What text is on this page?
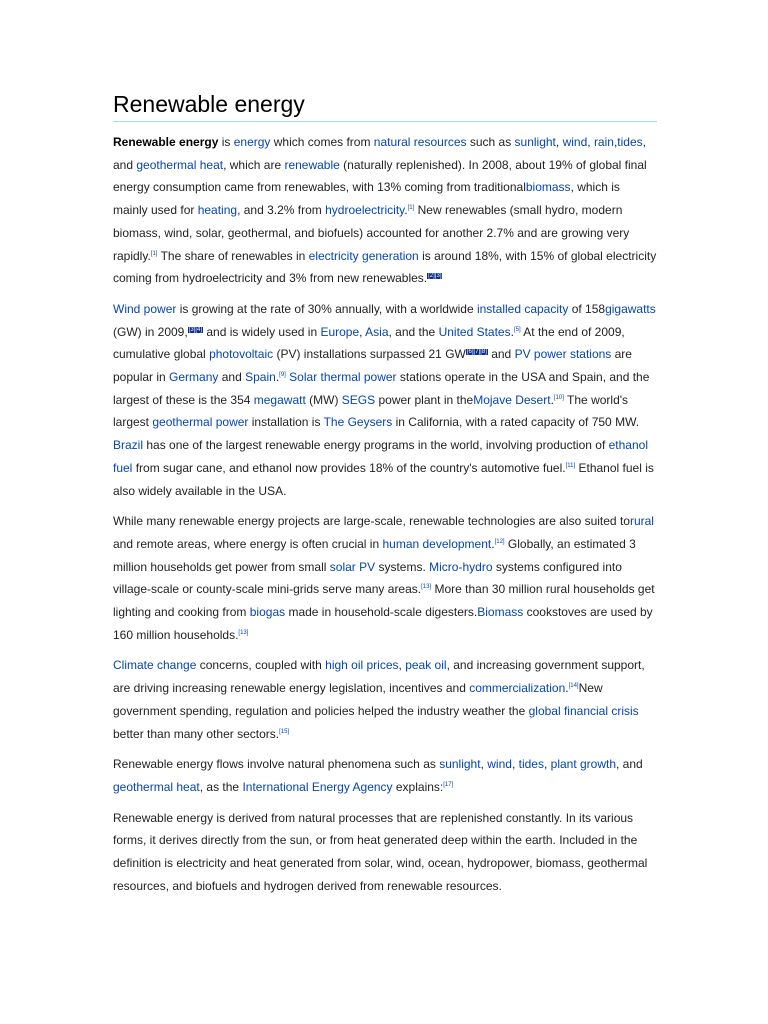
Renewable energy

Renewable energy is energy which comes from natural resources such as sunlight, wind, rain,tides, and geothermal heat, which are renewable (naturally replenished). In 2008, about 19% of global final energy consumption came from renewables, with 13% coming from traditionalbiomass, which is mainly used for heating, and 3.2% from hydroelectricity.[1] New renewables (small hydro, modern biomass, wind, solar, geothermal, and biofuels) accounted for another 2.7% and are growing very rapidly.[1] The share of renewables in electricity generation is around 18%, with 15% of global electricity coming from hydroelectricity and 3% from new renewables.[2][3]

Wind power is growing at the rate of 30% annually, with a worldwide installed capacity of 158gigawatts (GW) in 2009,[3][4] and is widely used in Europe, Asia, and the United States.[5] At the end of 2009, cumulative global photovoltaic (PV) installations surpassed 21 GW[6][7][8] and PV power stations are popular in Germany and Spain.[9] Solar thermal power stations operate in the USA and Spain, and the largest of these is the 354 megawatt (MW) SEGS power plant in theMojave Desert.[10] The world's largest geothermal power installation is The Geysers in California, with a rated capacity of 750 MW. Brazil has one of the largest renewable energy programs in the world, involving production of ethanol fuel from sugar cane, and ethanol now provides 18% of the country's automotive fuel.[11] Ethanol fuel is also widely available in the USA.

While many renewable energy projects are large-scale, renewable technologies are also suited torural and remote areas, where energy is often crucial in human development.[12] Globally, an estimated 3 million households get power from small solar PV systems. Micro-hydro systems configured into village-scale or county-scale mini-grids serve many areas.[13] More than 30 million rural households get lighting and cooking from biogas made in household-scale digesters.Biomass cookstoves are used by 160 million households.[13]

Climate change concerns, coupled with high oil prices, peak oil, and increasing government support, are driving increasing renewable energy legislation, incentives and commercialization.[14]New government spending, regulation and policies helped the industry weather the global financial crisis better than many other sectors.[15]

Renewable energy flows involve natural phenomena such as sunlight, wind, tides, plant growth, and geothermal heat, as the International Energy Agency explains:[17]

Renewable energy is derived from natural processes that are replenished constantly. In its various forms, it derives directly from the sun, or from heat generated deep within the earth. Included in the definition is electricity and heat generated from solar, wind, ocean, hydropower, biomass, geothermal resources, and biofuels and hydrogen derived from renewable resources.
